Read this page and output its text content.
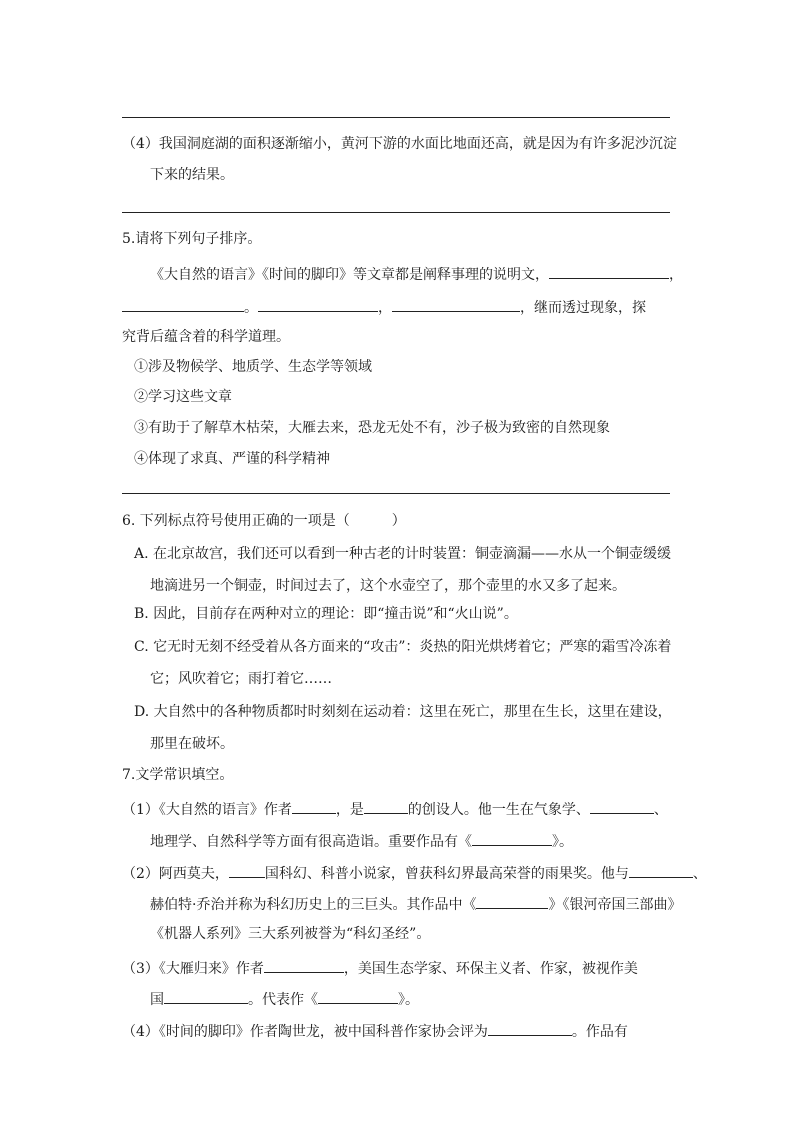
（4）我国洞庭湖的面积逐渐缩小，黄河下游的水面比地面还高，就是因为有许多泥沙沉淀
下来的结果。
5.请将下列句子排序。
《大自然的语言》《时间的脚印》等文章都是阐释事理的说明文，	，
。	，	，继而透过现象，探
究背后蕴含着的科学道理。
①涉及物候学、地质学、生态学等领域
②学习这些文章
③有助于了解草木枯荣，大雁去来，恐龙无处不有，沙子极为致密的自然现象
④体现了求真、严谨的科学精神
6. 下列标点符号使用正确的一项是（　　　）
A. 在北京故宫，我们还可以看到一种古老的计时装置：铜壶滴漏——水从一个铜壶缓缓
地滴进另一个铜壶，时间过去了，这个水壶空了，那个壶里的水又多了起来。
B. 因此，目前存在两种对立的理论：即“撞击说”和“火山说”。
C. 它无时无刻不经受着从各方面来的“攻击”：炎热的阳光烘烤着它；严寒的霜雪冷冻着
它；风吹着它；雨打着它……
D. 大自然中的各种物质都时时刻刻在运动着：这里在死亡，那里在生长，这里在建设，
那里在破坏。
7.文学常识填空。
（1）《大自然的语言》作者	，是	的创设人。他一生在气象学、	、
地理学、自然科学等方面有很高造诣。重要作品有《	》。
（2）阿西莫夫，	国科幻、科普小说家，曾获科幻界最高荣誉的雨果奖。他与	、
赫伯特·乔治并称为科幻历史上的三巨头。其作品中《	》《银河帝国三部曲》
《机器人系列》三大系列被誉为“科幻圣经”。
（3）《大雁归来》作者	，美国生态学家、环保主义者、作家，被视作美
国	。代表作《	》。
（4）《时间的脚印》作者陶世龙，被中国科普作家协会评为	。作品有
